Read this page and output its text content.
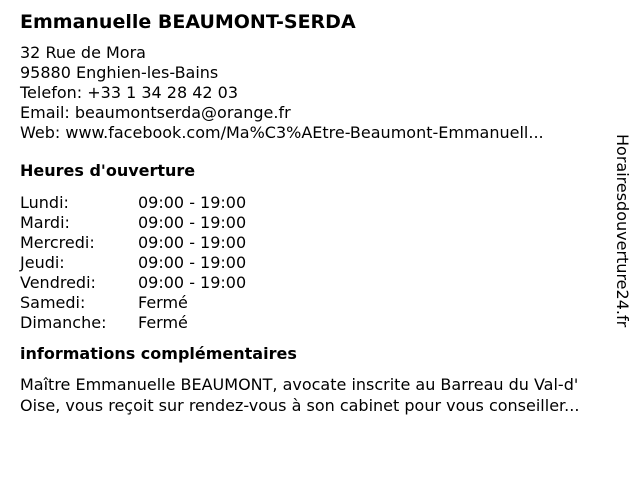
Emmanuelle BEAUMONT-SERDA
32 Rue de Mora
95880 Enghien-les-Bains
Telefon: +33 1 34 28 42 03
Email: beaumontserda@orange.fr
Web: www.facebook.com/Ma%C3%AEtre-Beaumont-Emmanuell...
Heures d'ouverture
Lundi:	09:00 - 19:00
Mardi:	09:00 - 19:00
Mercredi:	09:00 - 19:00
Jeudi:	09:00 - 19:00
Vendredi:	09:00 - 19:00
Samedi:	Fermé
Dimanche:	Fermé
informations complémentaires
Maître Emmanuelle BEAUMONT, avocate inscrite au Barreau du Val-d'
Oise, vous reçoit sur rendez-vous à son cabinet pour vous conseiller...
Horairesdouverture24.fr
